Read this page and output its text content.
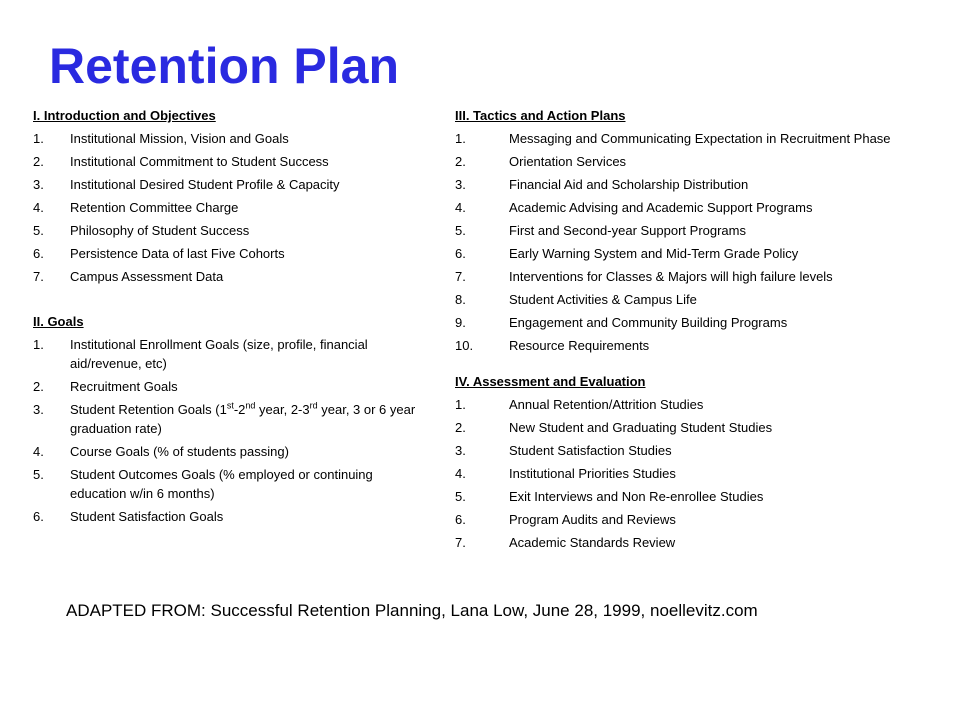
Retention Plan
I. Introduction and Objectives
1.	Institutional Mission, Vision and Goals
2.	Institutional Commitment to Student Success
3.	Institutional Desired Student Profile & Capacity
4.	Retention Committee Charge
5.	Philosophy of Student Success
6.	Persistence Data of last Five Cohorts
7.	Campus Assessment Data
II. Goals
1.	Institutional Enrollment Goals (size, profile, financial aid/revenue, etc)
2.	Recruitment Goals
3.	Student Retention Goals (1st-2nd year, 2-3rd year, 3 or 6 year graduation rate)
4.	Course Goals (% of students passing)
5.	Student Outcomes Goals (% employed or continuing education w/in 6 months)
6.	Student Satisfaction Goals
III. Tactics and Action Plans
1.	Messaging and Communicating Expectation in Recruitment Phase
2.	Orientation Services
3.	Financial Aid and Scholarship Distribution
4.	Academic Advising and Academic Support Programs
5.	First and Second-year Support Programs
6.	Early Warning System and Mid-Term Grade Policy
7.	Interventions for Classes & Majors will high failure levels
8.	Student Activities & Campus Life
9.	Engagement and Community Building Programs
10.	Resource Requirements
IV. Assessment and Evaluation
1.	Annual Retention/Attrition Studies
2.	New Student and Graduating Student Studies
3.	Student Satisfaction Studies
4.	Institutional Priorities Studies
5.	Exit Interviews and Non Re-enrollee Studies
6.	Program Audits and Reviews
7.	Academic Standards Review
ADAPTED FROM: Successful Retention Planning, Lana Low, June 28, 1999, noellevitz.com
